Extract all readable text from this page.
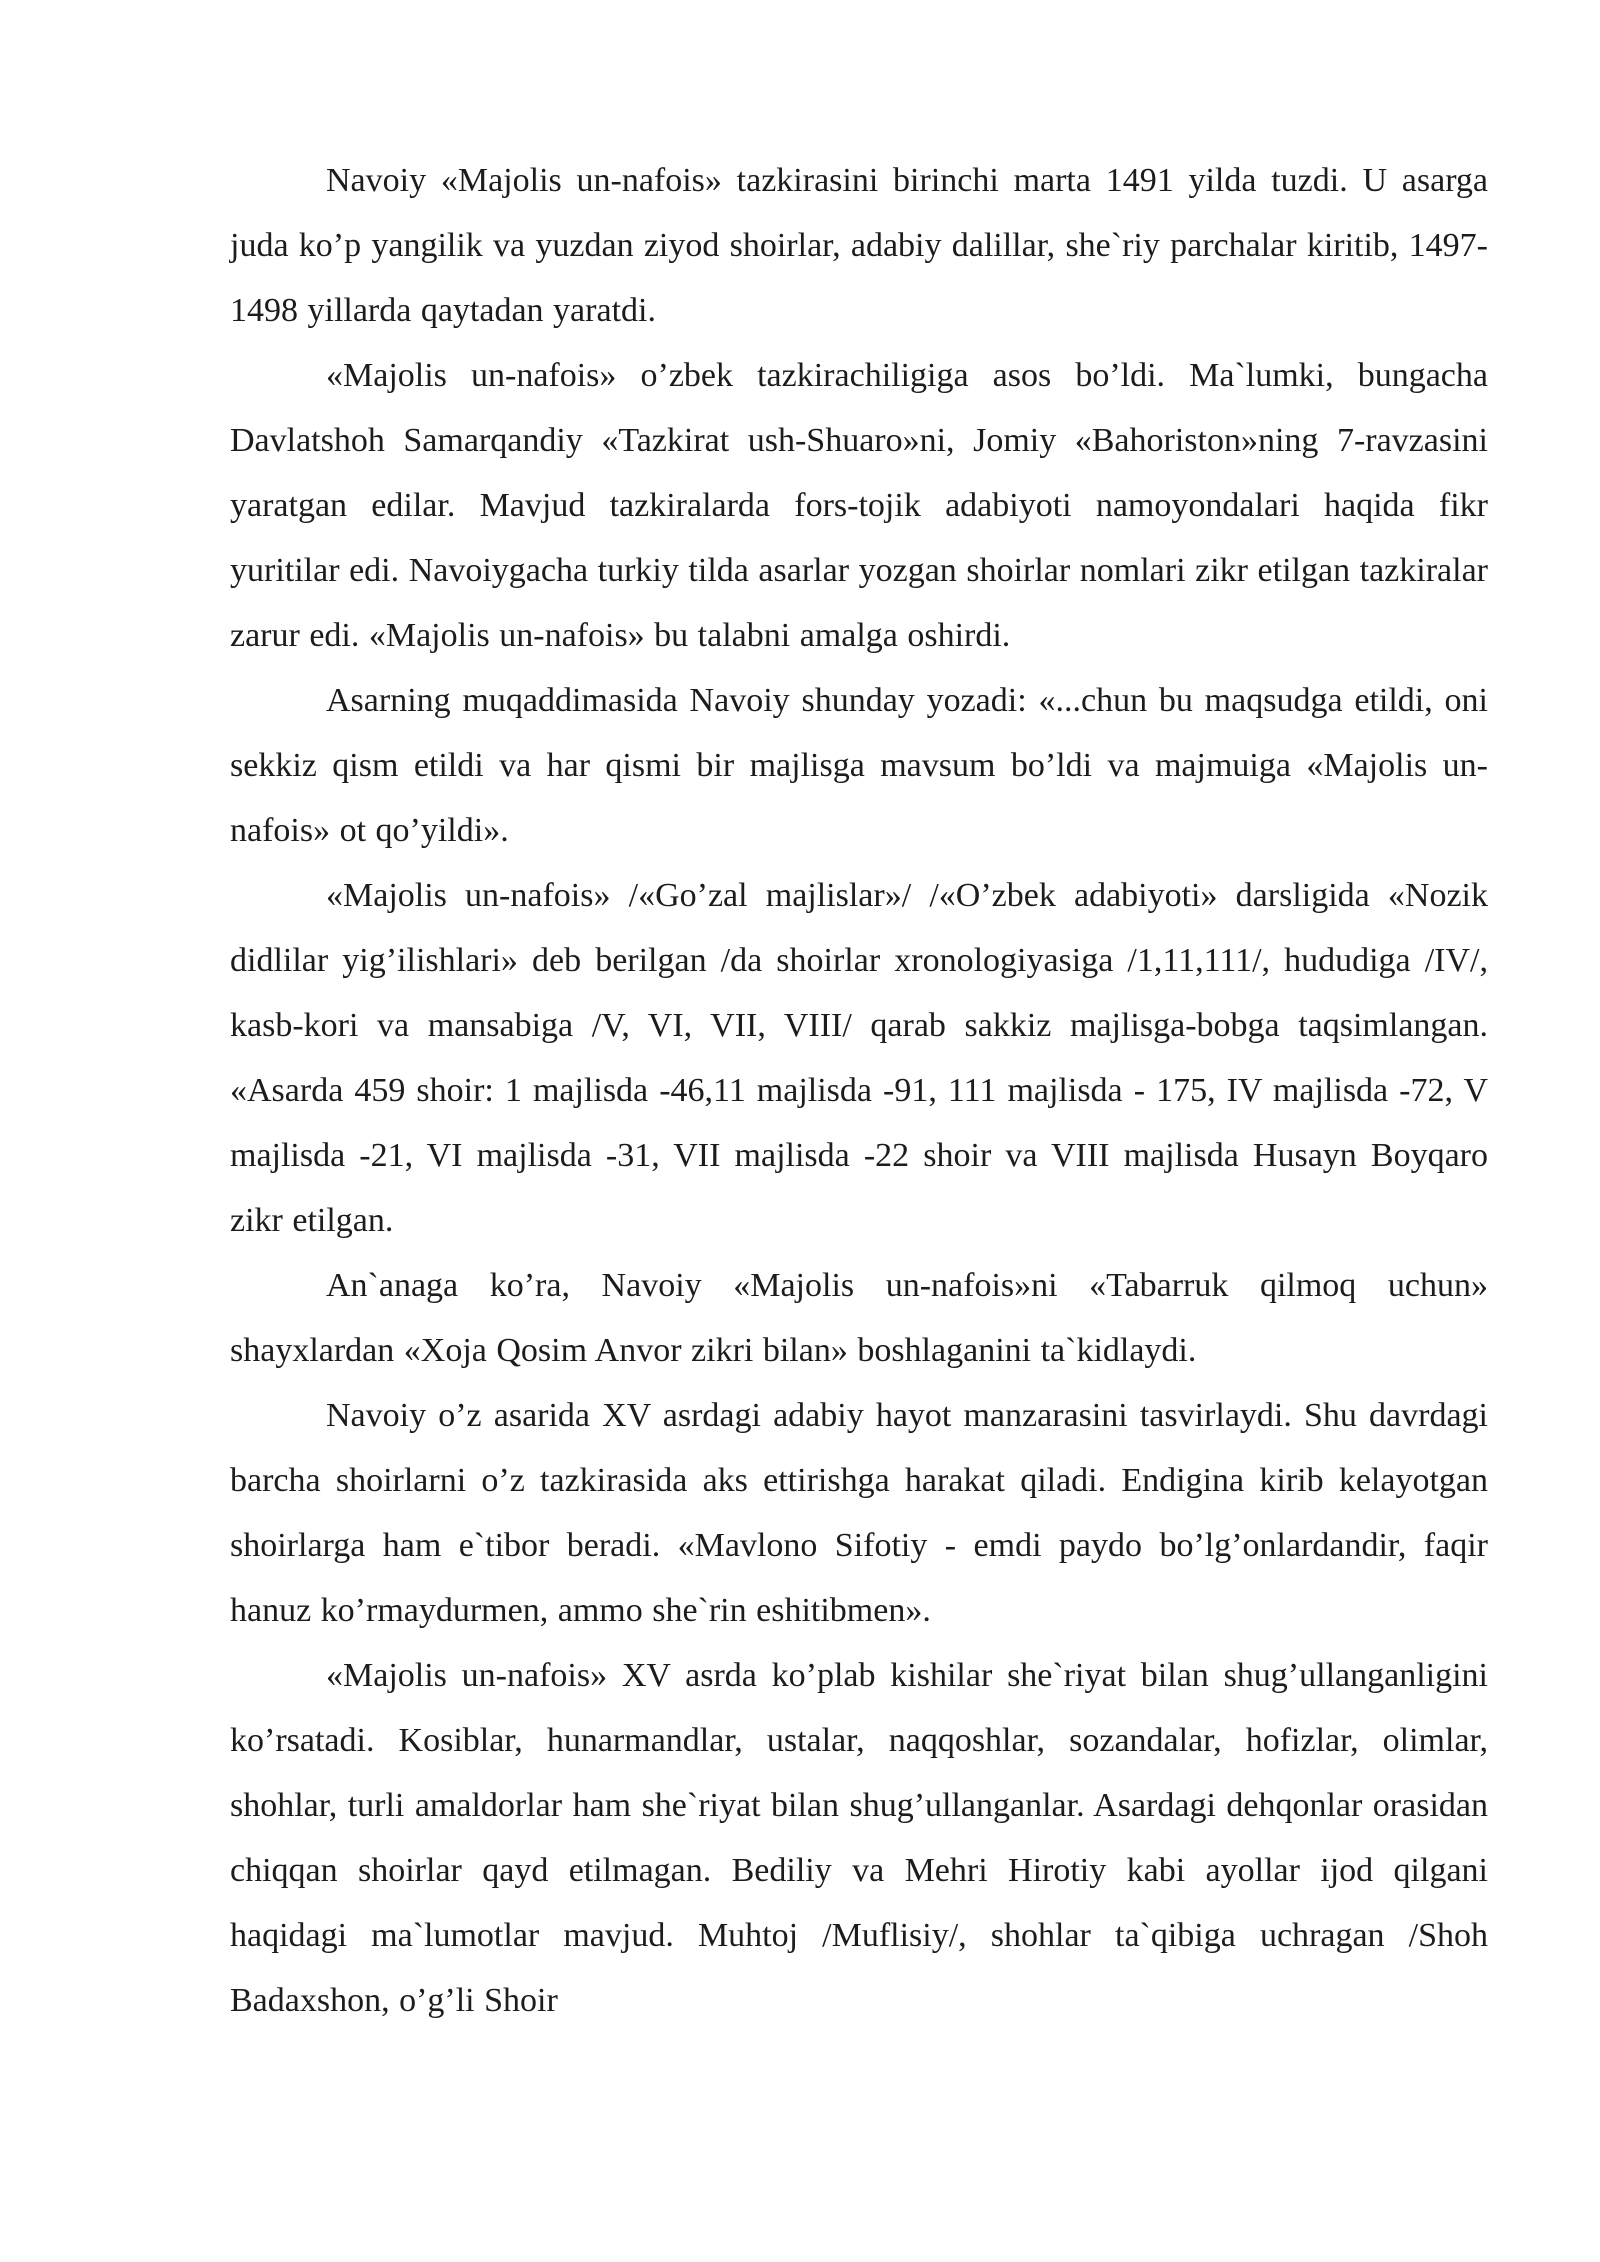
Navoiy «Majolis un-nafois» tazkirasini birinchi marta 1491 yilda tuzdi. U asarga juda ko’p yangilik va yuzdan ziyod shoirlar, adabiy dalillar, she`riy parchalar kiritib, 1497-1498 yillarda qaytadan yaratdi.

«Majolis un-nafois» o’zbek tazkirachiligiga asos bo’ldi. Ma`lumki, bungacha Davlatshoh Samarqandiy «Tazkirat ush-Shuaro»ni, Jomiy «Bahoriston»ning 7-ravzasini yaratgan edilar. Mavjud tazkiralarda fors-tojik adabiyoti namoyondalari haqida fikr yuritilar edi. Navoiygacha turkiy tilda asarlar yozgan shoirlar nomlari zikr etilgan tazkiralar zarur edi. «Majolis un-nafois» bu talabni amalga oshirdi.

Asarning muqaddimasida Navoiy shunday yozadi: «...chun bu maqsudga etildi, oni sekkiz qism etildi va har qismi bir majlisga mavsum bo’ldi va majmuiga «Majolis un-nafois» ot qo’yildi».

«Majolis un-nafois» /«Go’zal majlislar»/ /«O’zbek adabiyoti» darsligida «Nozik didlilar yig’ilishlari» deb berilgan /da shoirlar xronologiyasiga /1,11,111/, hududiga /IV/, kasb-kori va mansabiga /V, VI, VII, VIII/ qarab sakkiz majlisga-bobga taqsimlangan. «Asarda 459 shoir: 1 majlisda -46,11 majlisda -91, 111 majlisda - 175, IV majlisda -72, V majlisda -21, VI majlisda -31, VII majlisda -22 shoir va VIII majlisda Husayn Boyqaro zikr etilgan.

An`anaga ko’ra, Navoiy «Majolis un-nafois»ni «Tabarruk qilmoq uchun» shayxlardan «Xoja Qosim Anvor zikri bilan» boshlaganini ta`kidlaydi.

Navoiy o’z asarida XV asrdagi adabiy hayot manzarasini tasvirlaydi. Shu davrdagi barcha shoirlarni o’z tazkirasida aks ettirishga harakat qiladi. Endigina kirib kelayotgan shoirlarga ham e`tibor beradi. «Mavlono Sifotiy - emdi paydo bo’lg’onlardandir, faqir hanuz ko’rmaydurmen, ammo she`rin eshitibmen».

«Majolis un-nafois» XV asrda ko’plab kishilar she`riyat bilan shug’ullanganligini ko’rsatadi. Kosiblar, hunarmandlar, ustalar, naqqoshlar, sozandalar, hofizlar, olimlar, shohlar, turli amaldorlar ham she`riyat bilan shug’ullanganlar. Asardagi dehqonlar orasidan chiqqan shoirlar qayd etilmagan. Bediliy va Mehri Hirotiy kabi ayollar ijod qilgani haqidagi ma`lumotlar mavjud. Muhtoj /Muflisiy/, shohlar ta`qibiga uchragan /Shoh Badaxshon, o’g’li Shoir
